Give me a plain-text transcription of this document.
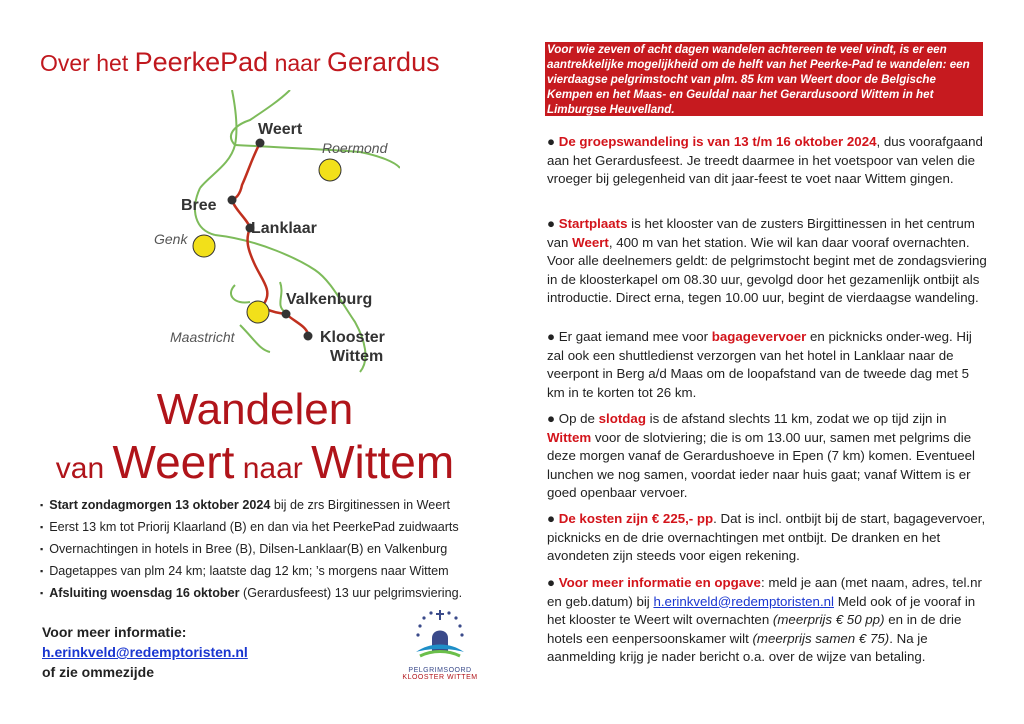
Over het PeerkePad naar Gerardus
Weert
Roermond
Bree
Lanklaar
Genk
Valkenburg
Maastricht	Klooster
Wittem
Wandelen
van Weert naar Wittem
▪ Start zondagmorgen 13 oktober 2024 bij de zrs Birgitinessen in Weert
▪ Eerst 13 km tot Priorij Klaarland (B) en dan via het PeerkePad zuidwaarts
▪ Overnachtingen in hotels in Bree (B), Dilsen-Lanklaar(B) en Valkenburg
▪ Dagetappes van plm 24 km; laatste dag 12 km; ’s morgens naar Wittem
▪ Afsluiting woensdag 16 oktober (Gerardusfeest) 13 uur pelgrimsviering.
Voor meer informatie:
h.erinkveld@redemptoristen.nl
of zie ommezijde	PELGRIMSOORD
KLOOSTER WITTEM
Voor wie zeven of acht dagen wandelen achtereen te veel vindt, is er een aantrekkelijke mogelijkheid om de helft van het Peerke-Pad te wandelen: een vierdaagse pelgrimstocht van plm. 85 km van Weert door de Belgische Kempen en het Maas- en Geuldal naar het Gerardusoord Wittem in het Limburgse Heuvelland.
● De groepswandeling is van 13 t/m 16 oktober 2024, dus voorafgaand aan het Gerardusfeest. Je treedt daarmee in het voetspoor van velen die vroeger bij gelegenheid van dit jaar-feest te voet naar Wittem gingen.
● Startplaats is het klooster van de zusters Birgittinessen in het centrum van Weert, 400 m van het station. Wie wil kan daar vooraf overnachten. Voor alle deelnemers geldt: de pelgrimstocht begint met de zondagsviering in de kloosterkapel om 08.30 uur, gevolgd door het gezamenlijk ontbijt als introductie. Direct erna, tegen 10.00 uur, begint de vierdaagse wandeling.
● Er gaat iemand mee voor bagagevervoer en picknicks onder-weg. Hij zal ook een shuttledienst verzorgen van het hotel in Lanklaar naar de veerpont in Berg a/d Maas om de loopafstand van de tweede dag met 5 km in te korten tot 26 km.
● Op de slotdag is de afstand slechts 11 km, zodat we op tijd zijn in Wittem voor de slotviering; die is om 13.00 uur, samen met pelgrims die deze morgen vanaf de Gerardushoeve in Epen (7 km) komen. Eventueel lunchen we nog samen, voordat ieder naar huis gaat; vanaf Wittem is er goed openbaar vervoer.
● De kosten zijn € 225,- pp. Dat is incl. ontbijt bij de start, bagagevervoer, picknicks en de drie overnachtingen met ontbijt. De dranken en het avondeten zijn steeds voor eigen rekening.
● Voor meer informatie en opgave: meld je aan (met naam, adres, tel.nr en geb.datum) bij h.erinkveld@redemptoristen.nl Meld ook of je vooraf in het klooster te Weert wilt overnachten (meerprijs € 50 pp) en in de drie hotels een eenpersoonskamer wilt (meerprijs samen € 75). Na je aanmelding krijg je nader bericht o.a. over de wijze van betaling.
